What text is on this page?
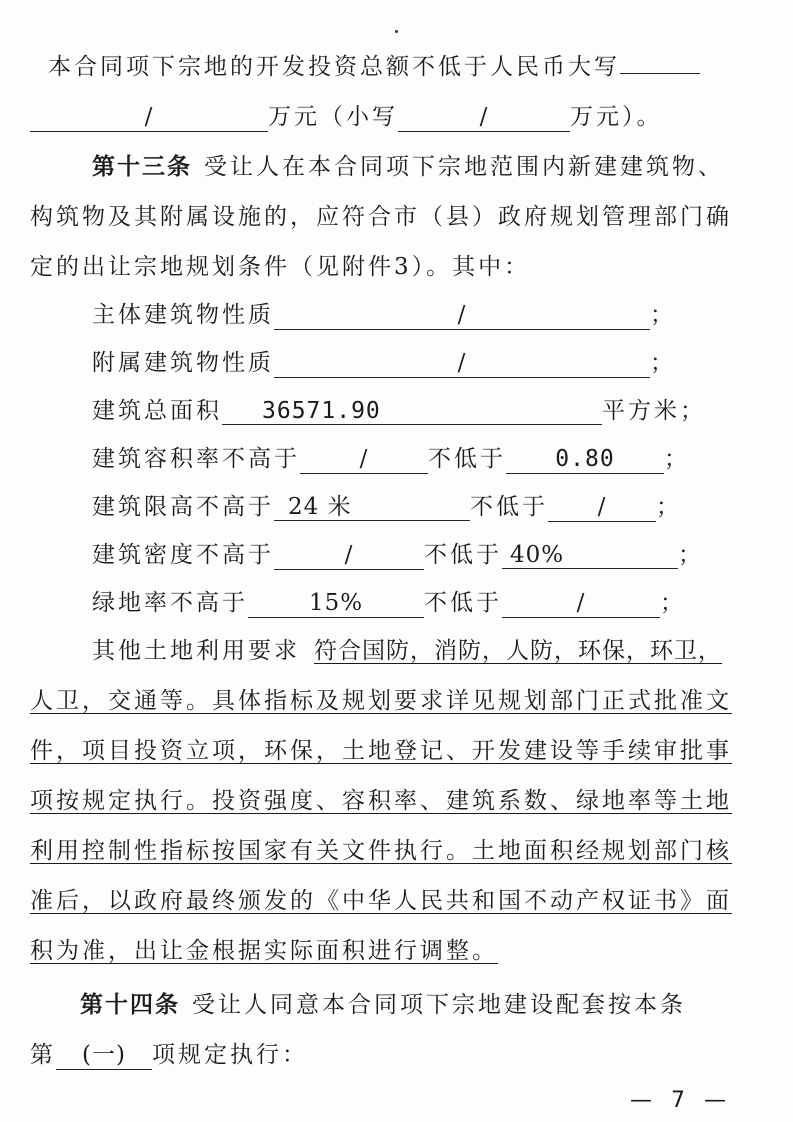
本合同项下宗地的开发投资总额不低于人民币大写
/	万元（小写	/	万元）。
第十三条 受让人在本合同项下宗地范围内新建建筑物、
构筑物及其附属设施的，应符合市（县）政府规划管理部门确
定的出让宗地规划条件（见附件3）。其中：
主体建筑物性质	/	；
附属建筑物性质	/	；
建筑总面积 36571.90	平方米；
建筑容积率不高于	/	不低于 0.80 ；
建筑限高不高于 24 米	不低于 / ；
建筑密度不高于	/	不低于 40%	；
绿地率不高于	15%	不低于	/	；
其他土地利用要求 符合国防，消防，人防，环保，环卫，
人卫，交通等。具体指标及规划要求详见规划部门正式批准文
件，项目投资立项，环保，土地登记、开发建设等手续审批事
项按规定执行。投资强度、容积率、建筑系数、绿地率等土地
利用控制性指标按国家有关文件执行。土地面积经规划部门核
准后，以政府最终颁发的《中华人民共和国不动产权证书》面
积为准，出让金根据实际面积进行调整。
第十四条 受让人同意本合同项下宗地建设配套按本条
第 (一) 项规定执行：
— 7 —
